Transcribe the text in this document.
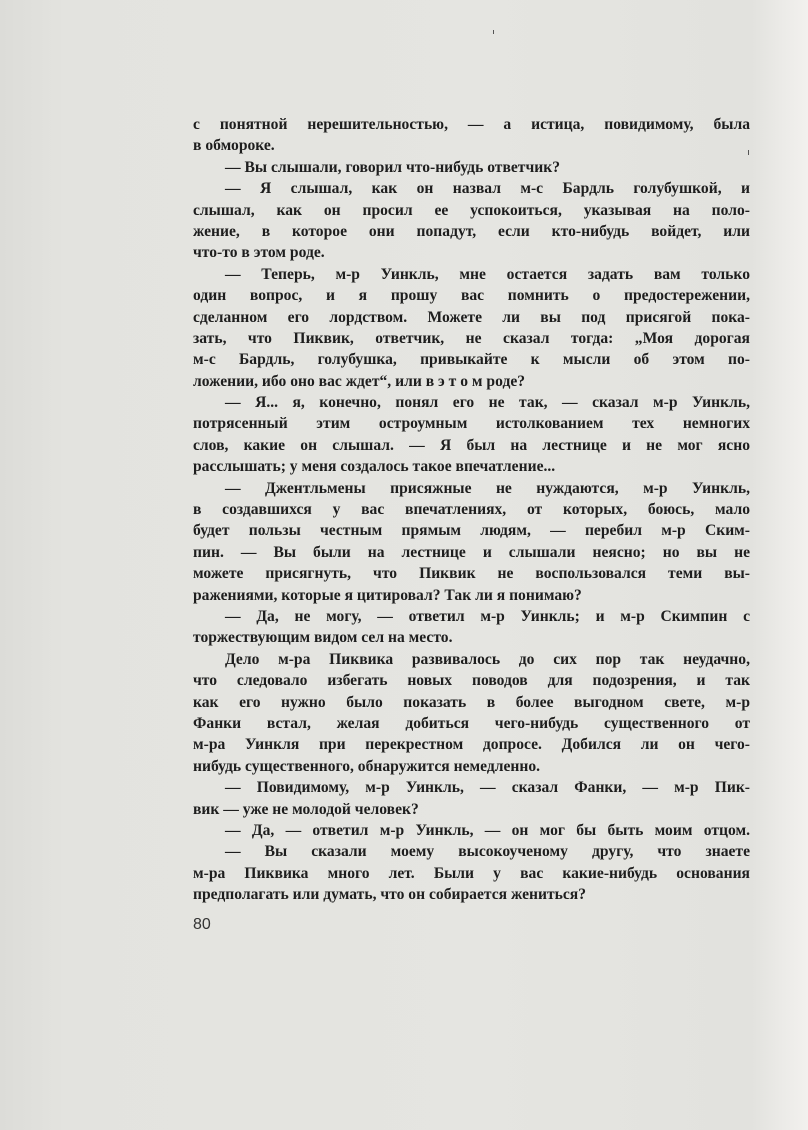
с понятной нерешительностью, — а истица, повидимому, была
в обмороке.
— Вы слышали, говорил что-нибудь ответчик?
— Я слышал, как он назвал м-с Бардль голубушкой, и
слышал, как он просил ее успокоиться, указывая на поло-
жение, в которое они попадут, если кто-нибудь войдет, или
что-то в этом роде.
— Теперь, м-р Уинкль, мне остается задать вам только
один вопрос, и я прошу вас помнить о предостережении,
сделанном его лордством. Можете ли вы под присягой пока-
зать, что Пиквик, ответчик, не сказал тогда: „Моя дорогая
м-с Бардль, голубушка, привыкайте к мысли об этом по-
ложении, ибо оно вас ждет“, или в э т о м роде?
— Я... я, конечно, понял его не так, — сказал м-р Уинкль,
потрясенный этим остроумным истолкованием тех немногих
слов, какие он слышал. — Я был на лестнице и не мог ясно
расслышать; у меня создалось такое впечатление...
— Джентльмены присяжные не нуждаются, м-р Уинкль,
в создавшихся у вас впечатлениях, от которых, боюсь, мало
будет пользы честным прямым людям, — перебил м-р Ским-
пин. — Вы были на лестнице и слышали неясно; но вы не
можете присягнуть, что Пиквик не воспользовался теми вы-
ражениями, которые я цитировал? Так ли я понимаю?
— Да, не могу, — ответил м-р Уинкль; и м-р Скимпин с
торжествующим видом сел на место.
Дело м-ра Пиквика развивалось до сих пор так неудачно,
что следовало избегать новых поводов для подозрения, и так
как его нужно было показать в более выгодном свете, м-р
Фанки встал, желая добиться чего-нибудь существенного от
м-ра Уинкля при перекрестном допросе. Добился ли он чего-
нибудь существенного, обнаружится немедленно.
— Повидимому, м-р Уинкль, — сказал Фанки, — м-р Пик-
вик — уже не молодой человек?
— Да, — ответил м-р Уинкль, — он мог бы быть моим отцом.
— Вы сказали моему высокоученому другу, что знаете
м-ра Пиквика много лет. Были у вас какие-нибудь основания
предполагать или думать, что он собирается жениться?
80
